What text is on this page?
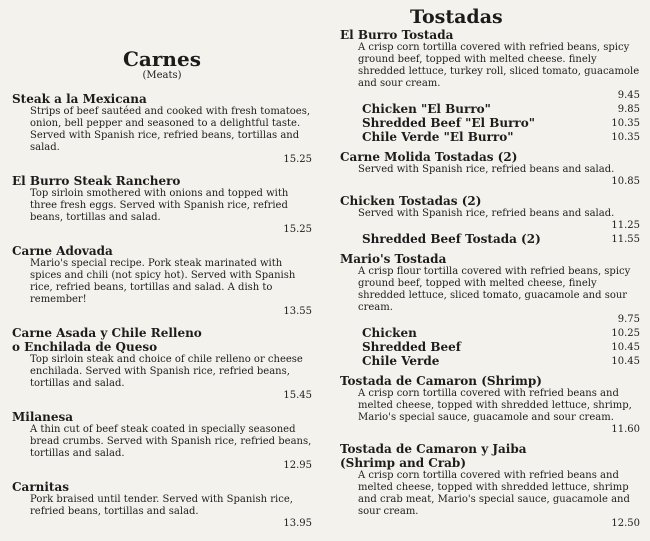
Carnes
(Meats)
Steak a la Mexicana
Strips of beef sautéed and cooked with fresh tomatoes, onion, bell pepper and seasoned to a delightful taste. Served with Spanish rice, refried beans, tortillas and salad.
15.25
El Burro Steak Ranchero
Top sirloin smothered with onions and topped with three fresh eggs. Served with Spanish rice, refried beans, tortillas and salad.
15.25
Carne Adovada
Mario's special recipe. Pork steak marinated with spices and chili (not spicy hot). Served with Spanish rice, refried beans, tortillas and salad. A dish to remember!
13.55
Carne Asada y Chile Relleno
o Enchilada de Queso
Top sirloin steak and choice of chile relleno or cheese enchilada. Served with Spanish rice, refried beans, tortillas and salad.
15.45
Milanesa
A thin cut of beef steak coated in specially seasoned bread crumbs. Served with Spanish rice, refried beans, tortillas and salad.
12.95
Carnitas
Pork braised until tender. Served with Spanish rice, refried beans, tortillas and salad.
13.95
Tostadas
El Burro Tostada
A crisp corn tortilla covered with refried beans, spicy ground beef, topped with melted cheese. finely shredded lettuce, turkey roll, sliced tomato, guacamole and sour cream.
9.45
Chicken "El Burro"	9.85
Shredded Beef "El Burro"	10.35
Chile Verde "El Burro"	10.35
Carne Molida Tostadas (2)
Served with Spanish rice, refried beans and salad.
10.85
Chicken Tostadas (2)
Served with Spanish rice, refried beans and salad.
11.25
Shredded Beef Tostada (2)	11.55
Mario's Tostada
A crisp flour tortilla covered with refried beans, spicy ground beef, topped with melted cheese, finely shredded lettuce, sliced tomato, guacamole and sour cream.
9.75
Chicken	10.25
Shredded Beef	10.45
Chile Verde	10.45
Tostada de Camaron (Shrimp)
A crisp corn tortilla covered with refried beans and melted cheese, topped with shredded lettuce, shrimp, Mario's special sauce, guacamole and sour cream.
11.60
Tostada de Camaron y Jaiba
(Shrimp and Crab)
A crisp corn tortilla covered with refried beans and melted cheese, topped with shredded lettuce, shrimp and crab meat, Mario's special sauce, guacamole and sour cream.
12.50
